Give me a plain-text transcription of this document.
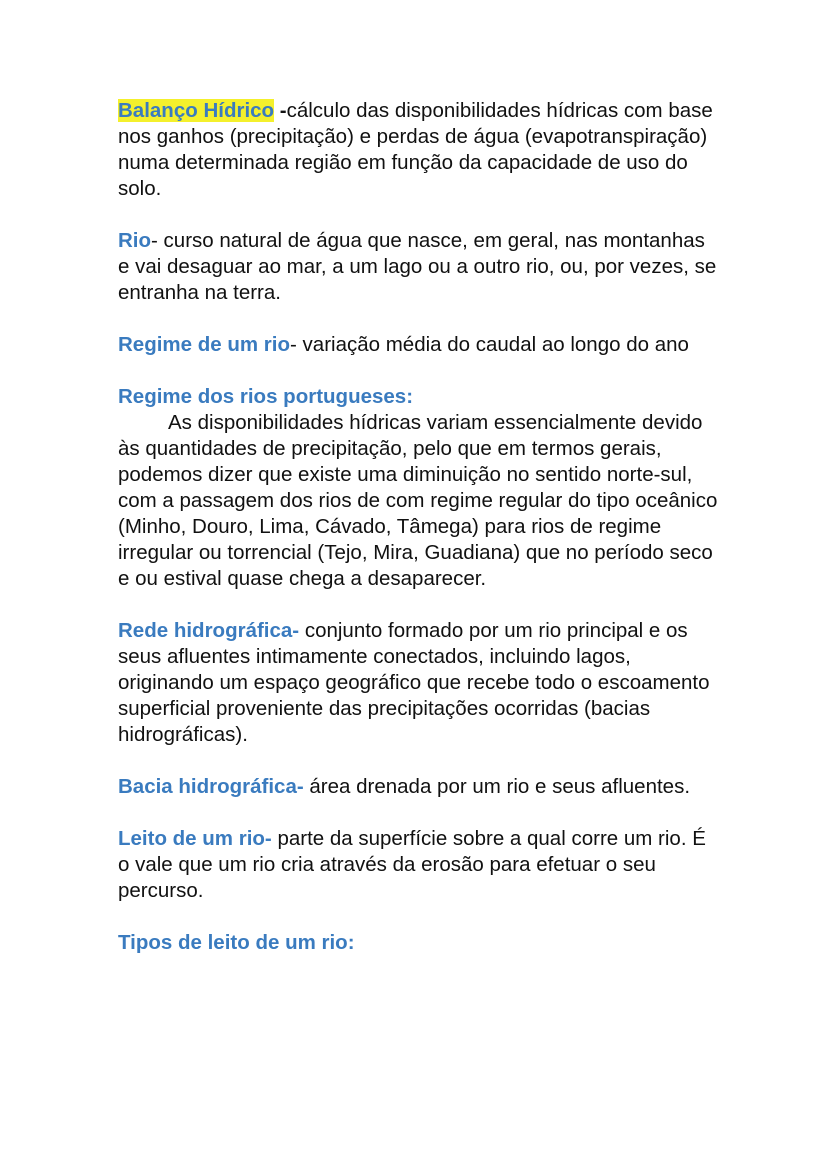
Balanço Hídrico -cálculo das disponibilidades hídricas com base nos ganhos (precipitação) e perdas de água (evapotranspiração) numa determinada região em função da capacidade de uso do solo.

Rio- curso natural de água que nasce, em geral, nas montanhas e vai desaguar ao mar, a um lago ou a outro rio, ou, por vezes, se entranha na terra.

Regime de um rio- variação média do caudal ao longo do ano

Regime dos rios portugueses:
As disponibilidades hídricas variam essencialmente devido às quantidades de precipitação, pelo que em termos gerais, podemos dizer que existe uma diminuição no sentido norte-sul, com a passagem dos rios de com regime regular do tipo oceânico (Minho, Douro, Lima, Cávado, Tâmega) para rios de regime irregular ou torrencial (Tejo, Mira, Guadiana) que no período seco e ou estival quase chega a desaparecer.

Rede hidrográfica- conjunto formado por um rio principal e os seus afluentes intimamente conectados, incluindo lagos, originando um espaço geográfico que recebe todo o escoamento superficial proveniente das precipitações ocorridas (bacias hidrográficas).

Bacia hidrográfica- área drenada por um rio e seus afluentes.

Leito de um rio- parte da superfície sobre a qual corre um rio. É o vale que um rio cria através da erosão para efetuar o seu percurso.

Tipos de leito de um rio:
